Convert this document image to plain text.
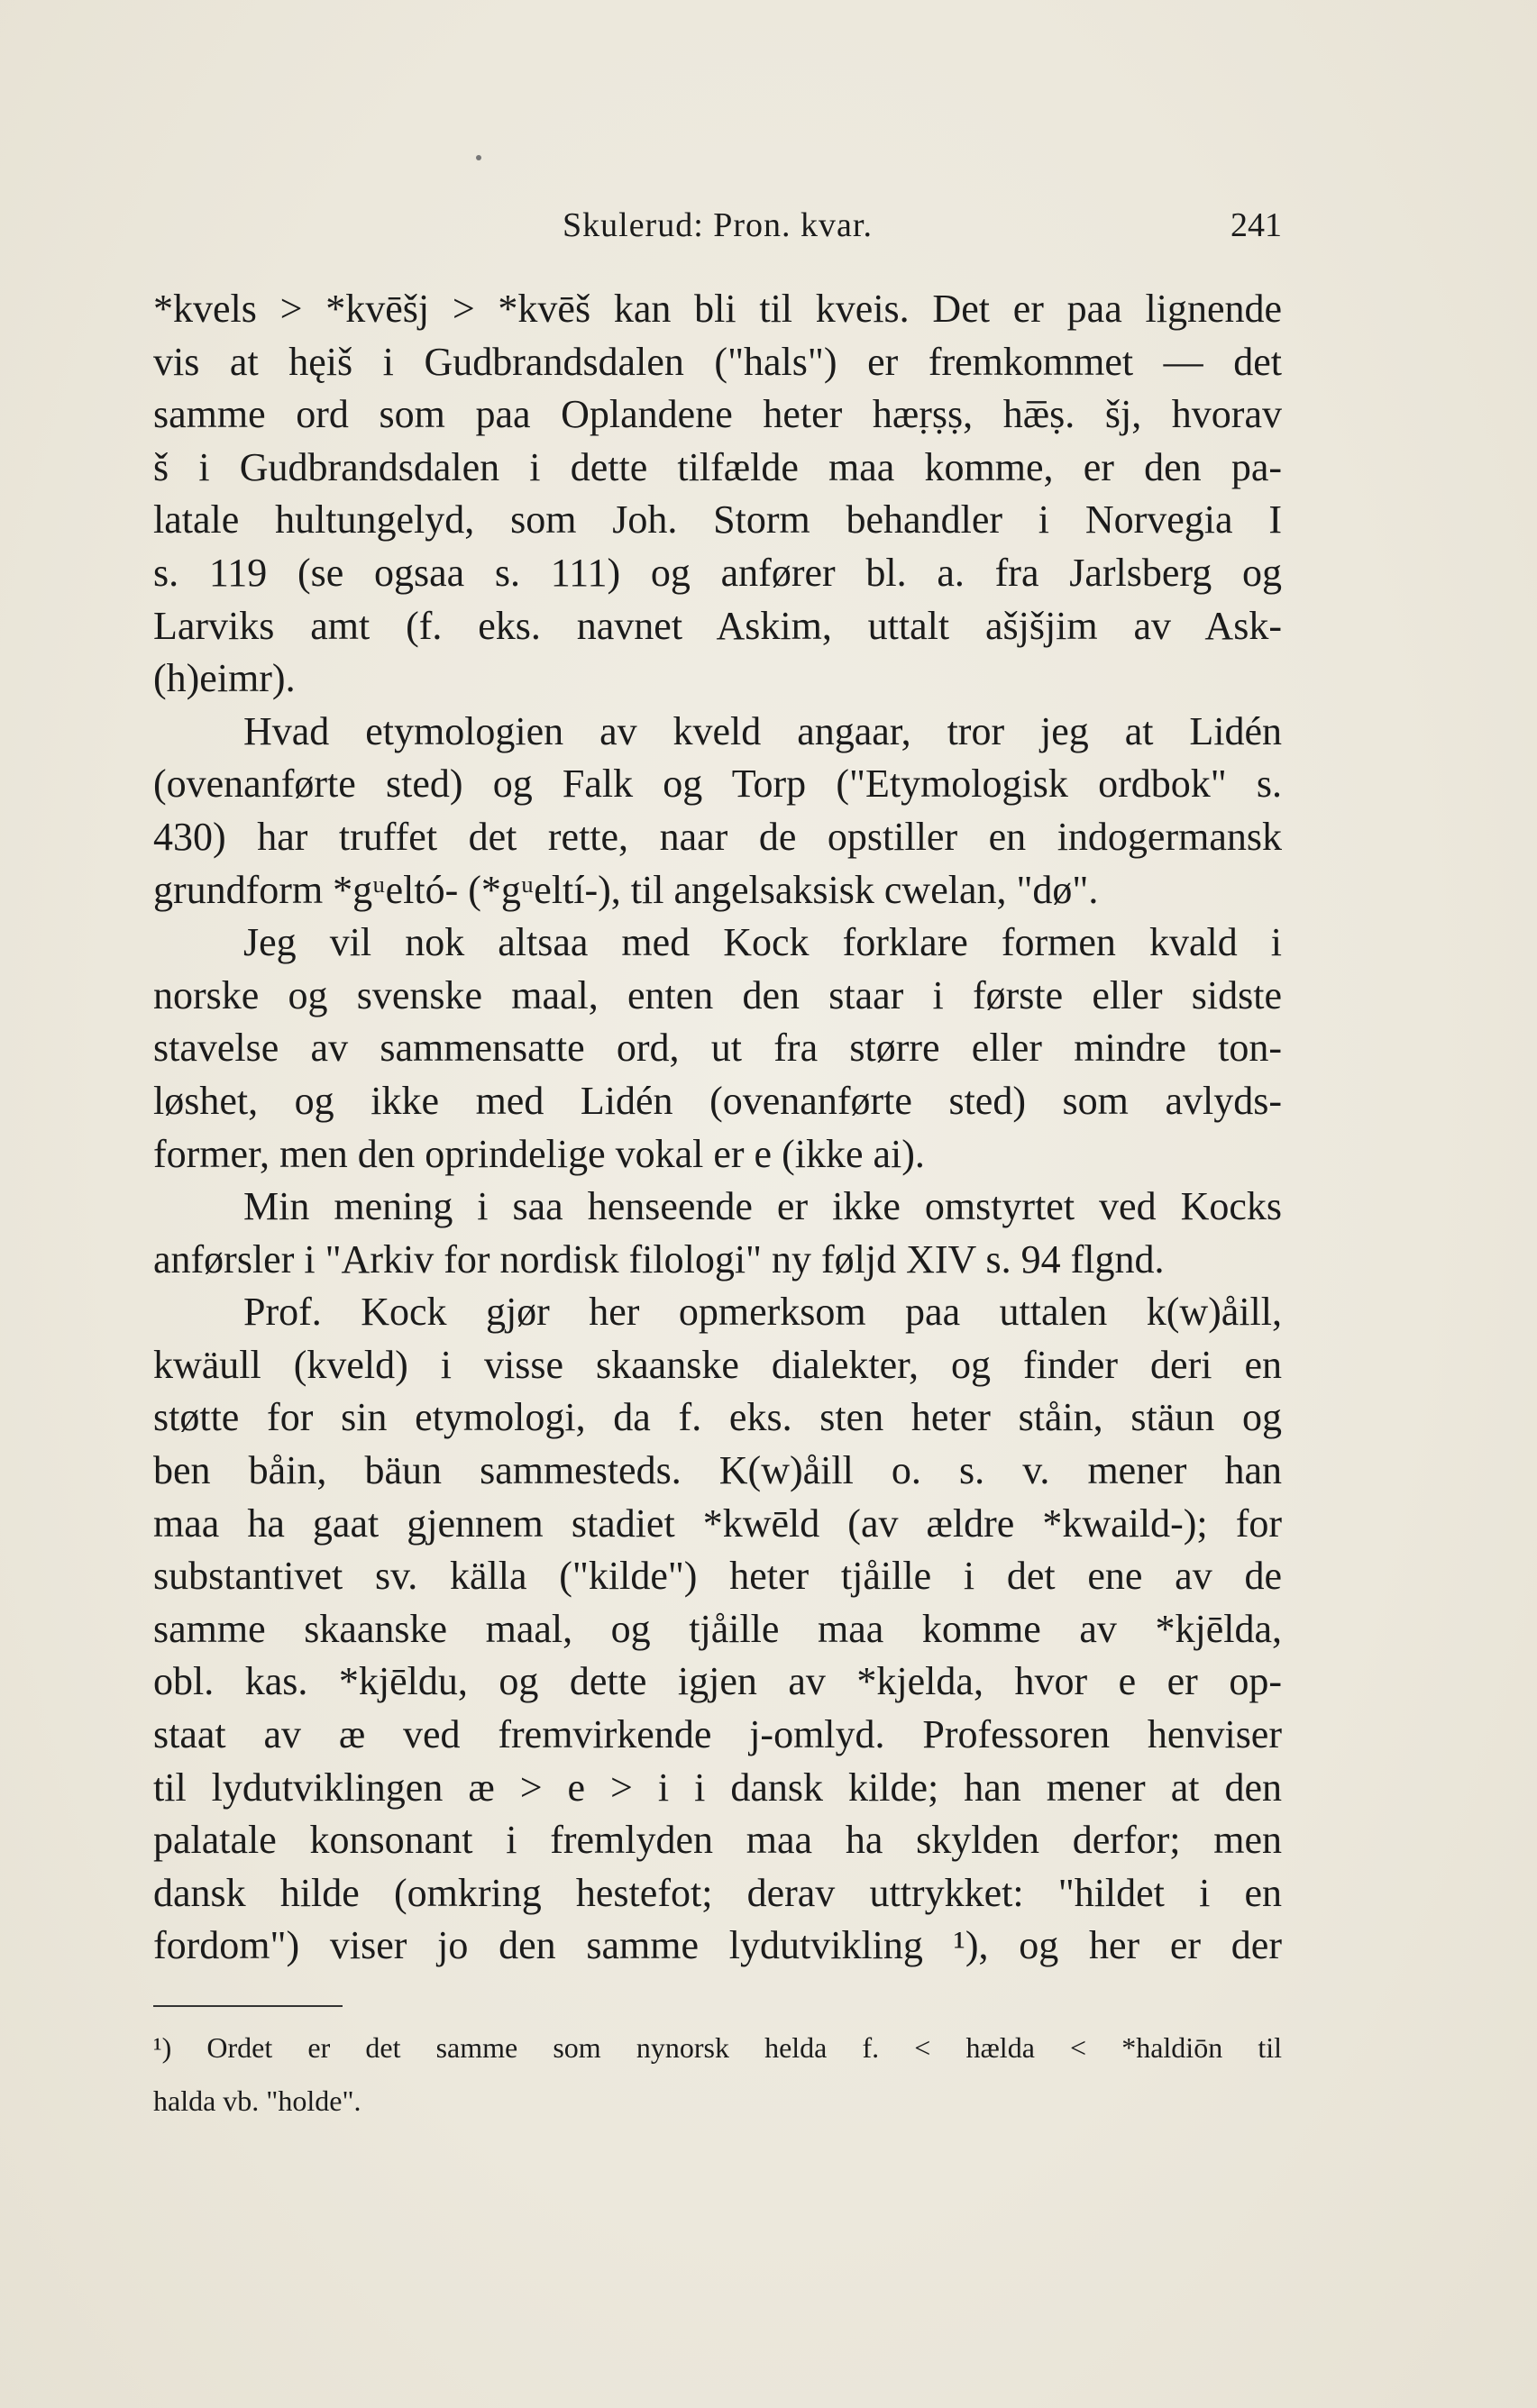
Skulerud: Pron. kvar.	241
*kvels > *kvēšj > *kvēš kan bli til kveis. Det er paa lignende
vis at hęiš i Gudbrandsdalen ("hals") er fremkommet — det
samme ord som paa Oplandene heter hæṛṣṣ, hæ̅ṣ. šj, hvorav
š i Gudbrandsdalen i dette tilfælde maa komme, er den pa-
latale hultungelyd, som Joh. Storm behandler i Norvegia I
s. 119 (se ogsaa s. 111) og anfører bl. a. fra Jarlsberg og
Larviks amt (f. eks. navnet Askim, uttalt ašjšjim av Ask-
(h)eimr).
Hvad etymologien av kveld angaar, tror jeg at Lidén
(ovenanførte sted) og Falk og Torp ("Etymologisk ordbok" s.
430) har truffet det rette, naar de opstiller en indogermansk
grundform *gᵘeltó- (*gᵘeltí-), til angelsaksisk cwelan, "dø".
Jeg vil nok altsaa med Kock forklare formen kvald i
norske og svenske maal, enten den staar i første eller sidste
stavelse av sammensatte ord, ut fra større eller mindre ton-
løshet, og ikke med Lidén (ovenanførte sted) som avlyds-
former, men den oprindelige vokal er e (ikke ai).
Min mening i saa henseende er ikke omstyrtet ved Kocks
anførsler i "Arkiv for nordisk filologi" ny føljd XIV s. 94 flgnd.
Prof. Kock gjør her opmerksom paa uttalen k(w)åill,
kwäull (kveld) i visse skaanske dialekter, og finder deri en
støtte for sin etymologi, da f. eks. sten heter ståin, stäun og
ben båin, bäun sammesteds. K(w)åill o. s. v. mener han
maa ha gaat gjennem stadiet *kwēld (av ældre *kwaild-); for
substantivet sv. källa ("kilde") heter tjåille i det ene av de
samme skaanske maal, og tjåille maa komme av *kjēlda,
obl. kas. *kjēldu, og dette igjen av *kjelda, hvor e er op-
staat av æ ved fremvirkende j-omlyd. Professoren henviser
til lydutviklingen æ > e > i i dansk kilde; han mener at den
palatale konsonant i fremlyden maa ha skylden derfor; men
dansk hilde (omkring hestefot; derav uttrykket: "hildet i en
fordom") viser jo den samme lydutvikling ¹), og her er der
¹) Ordet er det samme som nynorsk helda f. < hælda < *haldiōn til
halda vb. "holde".
